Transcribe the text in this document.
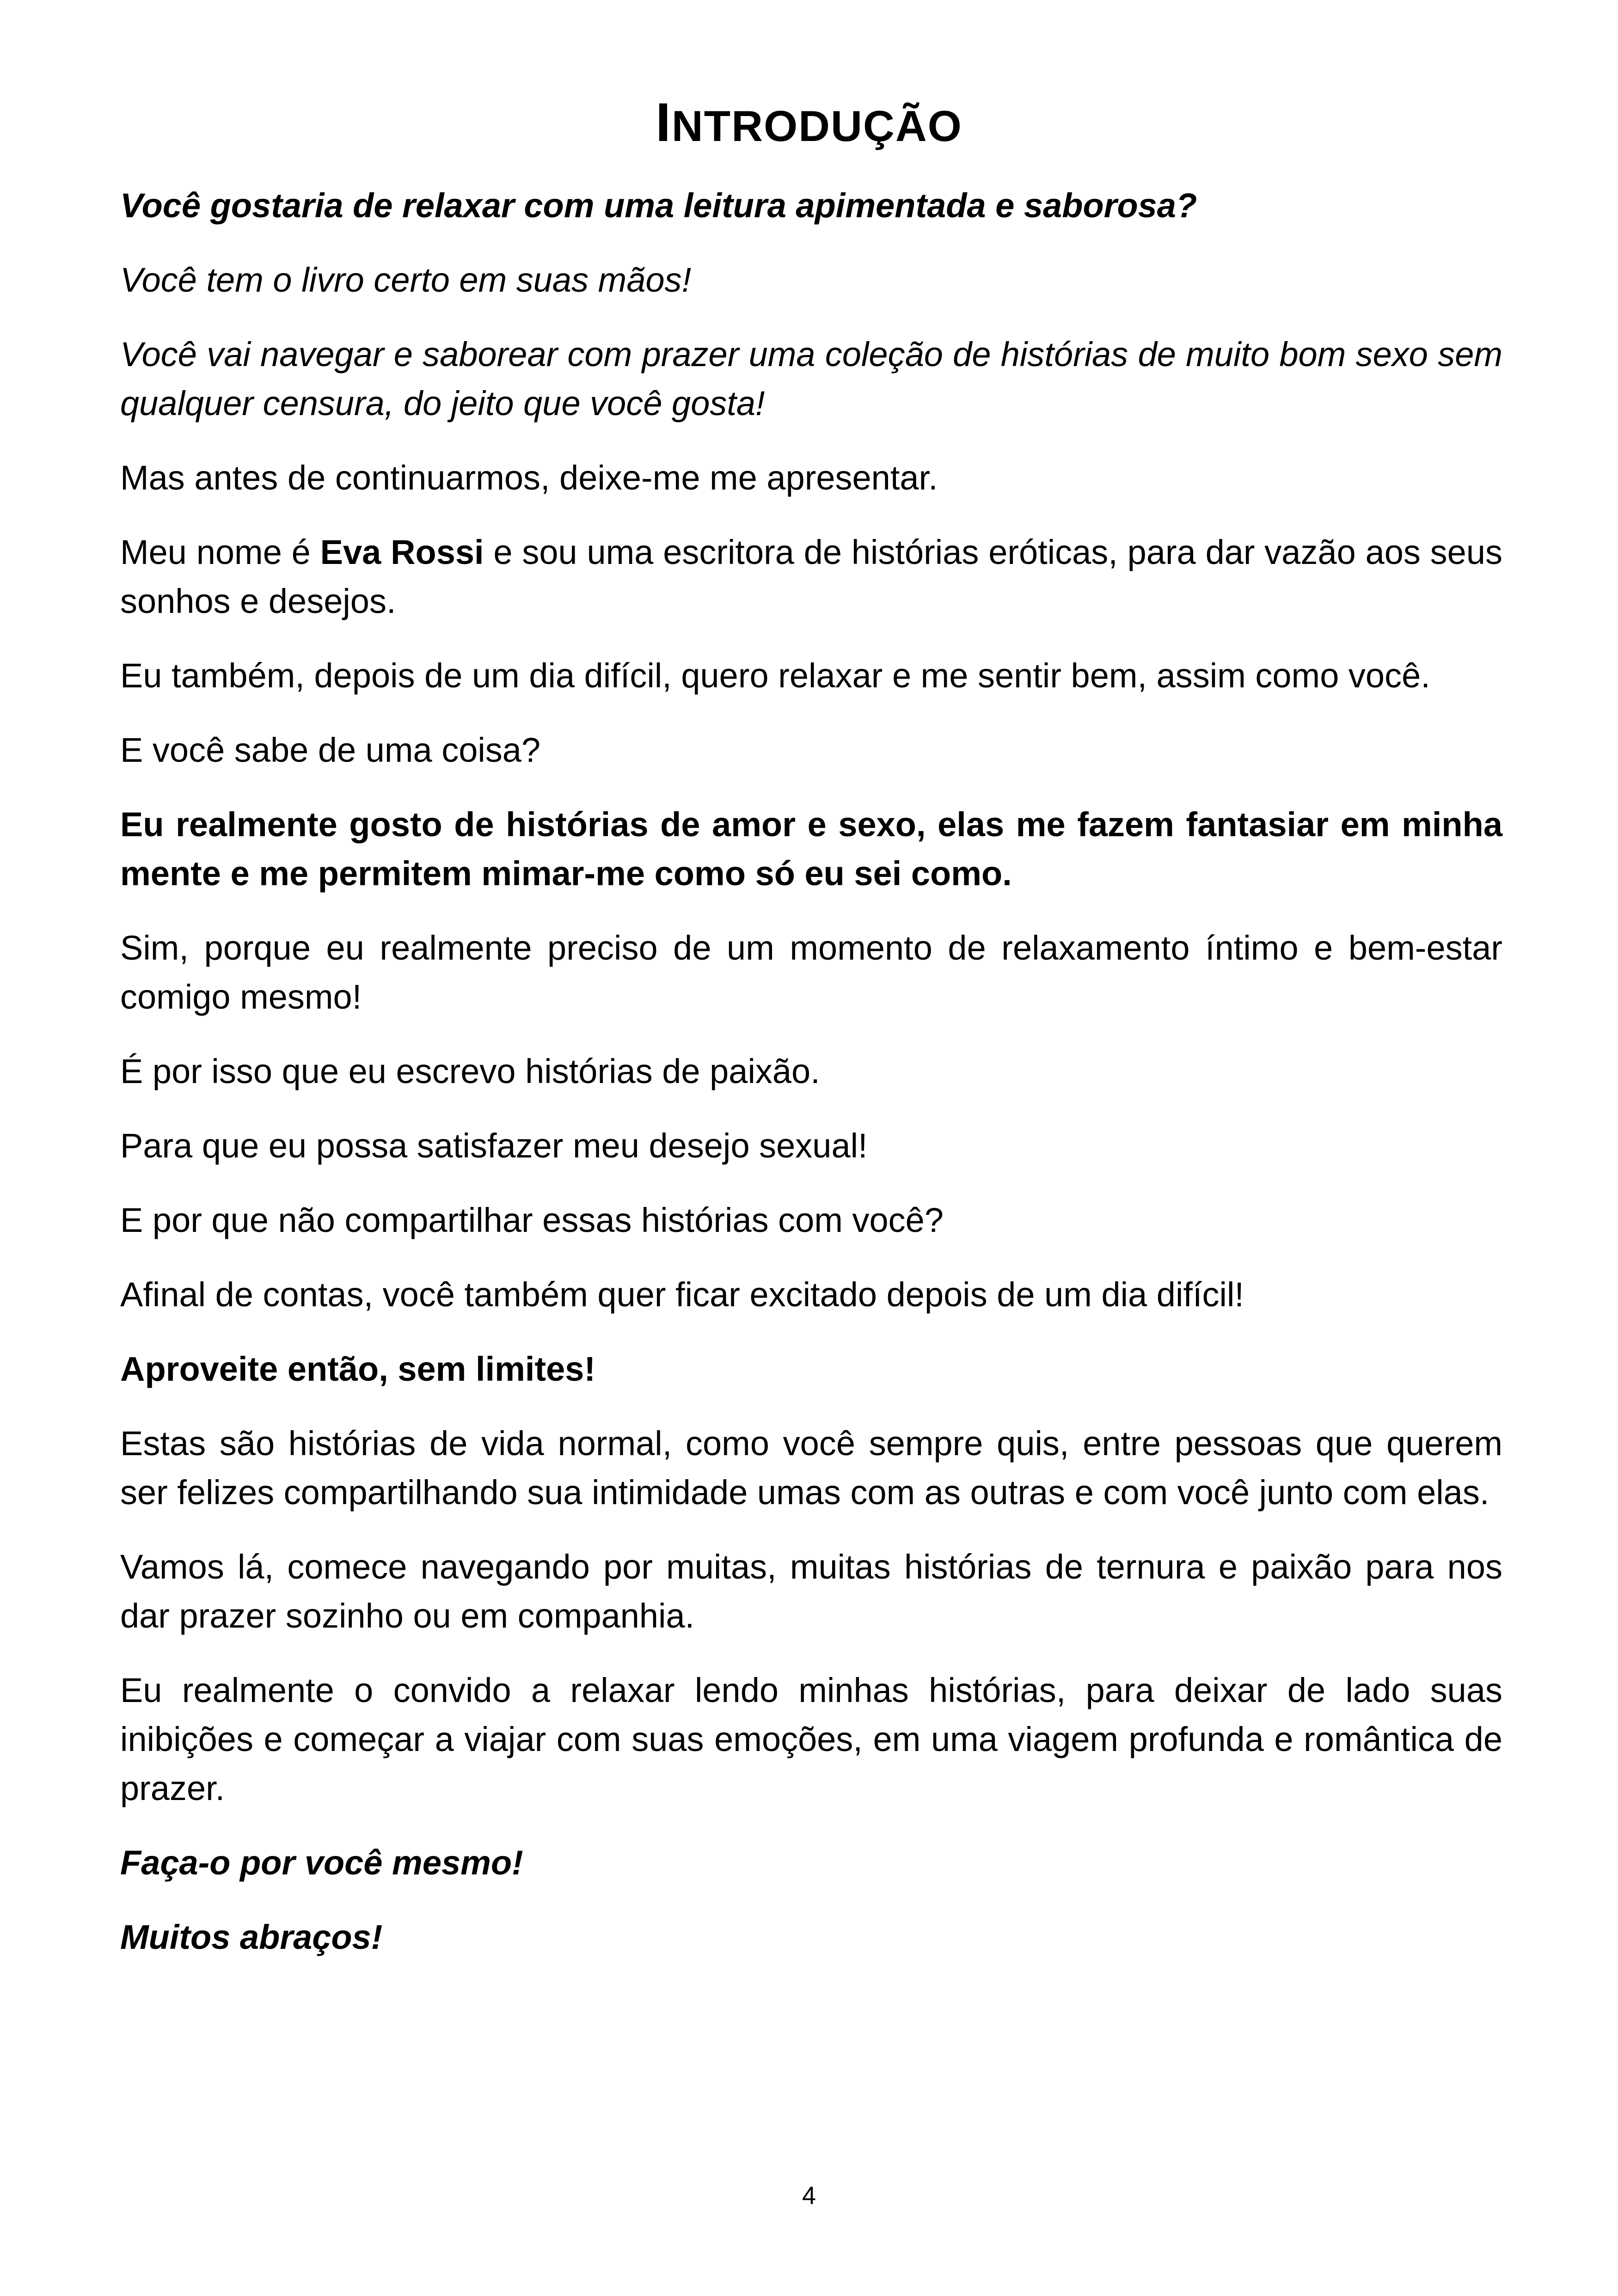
INTRODUÇÃO

Você gostaria de relaxar com uma leitura apimentada e saborosa?

Você tem o livro certo em suas mãos!

Você vai navegar e saborear com prazer uma coleção de histórias de muito bom sexo sem qualquer censura, do jeito que você gosta!

Mas antes de continuarmos, deixe-me me apresentar.

Meu nome é Eva Rossi e sou uma escritora de histórias eróticas, para dar vazão aos seus sonhos e desejos.

Eu também, depois de um dia difícil, quero relaxar e me sentir bem, assim como você.

E você sabe de uma coisa?

Eu realmente gosto de histórias de amor e sexo, elas me fazem fantasiar em minha mente e me permitem mimar-me como só eu sei como.

Sim, porque eu realmente preciso de um momento de relaxamento íntimo e bem-estar comigo mesmo!

É por isso que eu escrevo histórias de paixão.

Para que eu possa satisfazer meu desejo sexual!

E por que não compartilhar essas histórias com você?

Afinal de contas, você também quer ficar excitado depois de um dia difícil!

Aproveite então, sem limites!

Estas são histórias de vida normal, como você sempre quis, entre pessoas que querem ser felizes compartilhando sua intimidade umas com as outras e com você junto com elas.

Vamos lá, comece navegando por muitas, muitas histórias de ternura e paixão para nos dar prazer sozinho ou em companhia.

Eu realmente o convido a relaxar lendo minhas histórias, para deixar de lado suas inibições e começar a viajar com suas emoções, em uma viagem profunda e romântica de prazer.

Faça-o por você mesmo!

Muitos abraços!

4
